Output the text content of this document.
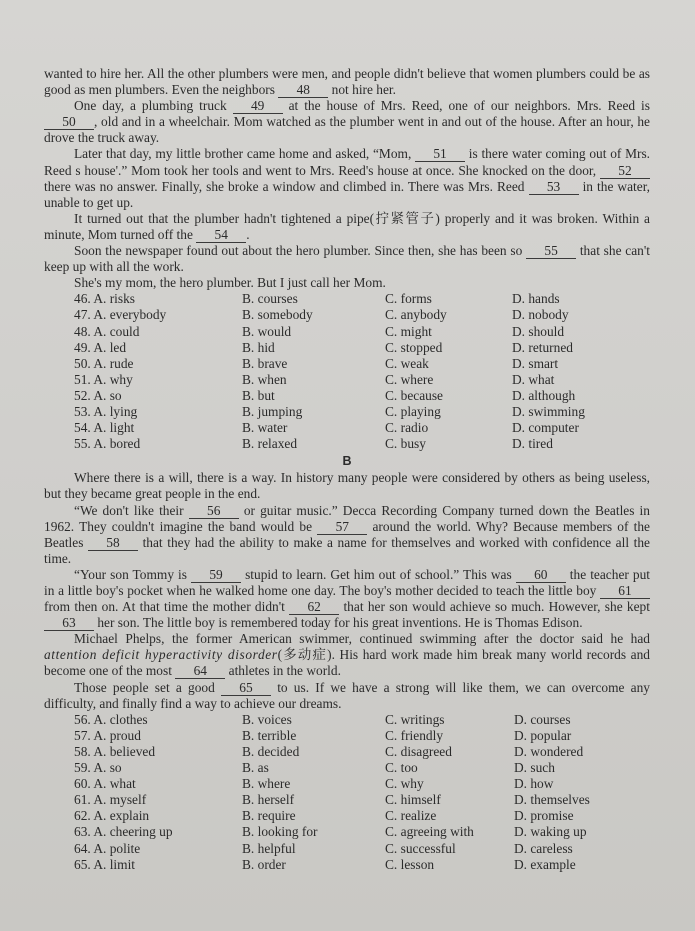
wanted to hire her. All the other plumbers were men, and people didn't believe that women plumbers could be as good as men plumbers. Even the neighbors 48 not hire her.

One day, a plumbing truck 49 at the house of Mrs. Reed, one of our neighbors. Mrs. Reed is 50 , old and in a wheelchair. Mom watched as the plumber went in and out of the house. After an hour, he drove the truck away.

Later that day, my little brother came home and asked, “Mom, 51 is there water coming out of Mrs. Reed s house'.” Mom took her tools and went to Mrs. Reed's house at once. She knocked on the door, 52 there was no answer. Finally, she broke a window and climbed in. There was Mrs. Reed 53 in the water, unable to get up.

It turned out that the plumber hadn't tightened a pipe(拧紧管子) properly and it was broken. Within a minute, Mom turned off the 54 .

Soon the newspaper found out about the hero plumber. Since then, she has been so 55 that she can't keep up with all the work.

She's my mom, the hero plumber. But I just call her Mom.

46. A. risks	B. courses	C. forms	D. hands
47. A. everybody	B. somebody	C. anybody	D. nobody
48. A. could	B. would	C. might	D. should
49. A. led	B. hid	C. stopped	D. returned
50. A. rude	B. brave	C. weak	D. smart
51. A. why	B. when	C. where	D. what
52. A. so	B. but	C. because	D. although
53. A. lying	B. jumping	C. playing	D. swimming
54. A. light	B. water	C. radio	D. computer
55. A. bored	B. relaxed	C. busy	D. tired
B

Where there is a will, there is a way. In history many people were considered by others as being useless, but they became great people in the end.

“We don't like their 56 or guitar music.” Decca Recording Company turned down the Beatles in 1962. They couldn't imagine the band would be 57 around the world. Why? Because members of the Beatles 58 that they had the ability to make a name for themselves and worked with confidence all the time.

“Your son Tommy is 59 stupid to learn. Get him out of school.” This was 60 the teacher put in a little boy's pocket when he walked home one day. The boy's mother decided to teach the little boy 61 from then on. At that time the mother didn't 62 that her son would achieve so much. However, she kept 63 her son. The little boy is remembered today for his great inventions. He is Thomas Edison.

Michael Phelps, the former American swimmer, continued swimming after the doctor said he had attention deficit hyperactivity disorder(多动症). His hard work made him break many world records and become one of the most 64 athletes in the world.

Those people set a good 65 to us. If we have a strong will like them, we can overcome any difficulty, and finally find a way to achieve our dreams.

56. A. clothes	B. voices	C. writings	D. courses
57. A. proud	B. terrible	C. friendly	D. popular
58. A. believed	B. decided	C. disagreed	D. wondered
59. A. so	B. as	C. too	D. such
60. A. what	B. where	C. why	D. how
61. A. myself	B. herself	C. himself	D. themselves
62. A. explain	B. require	C. realize	D. promise
63. A. cheering up	B. looking for	C. agreeing with	D. waking up
64. A. polite	B. helpful	C. successful	D. careless
65. A. limit	B. order	C. lesson	D. example
